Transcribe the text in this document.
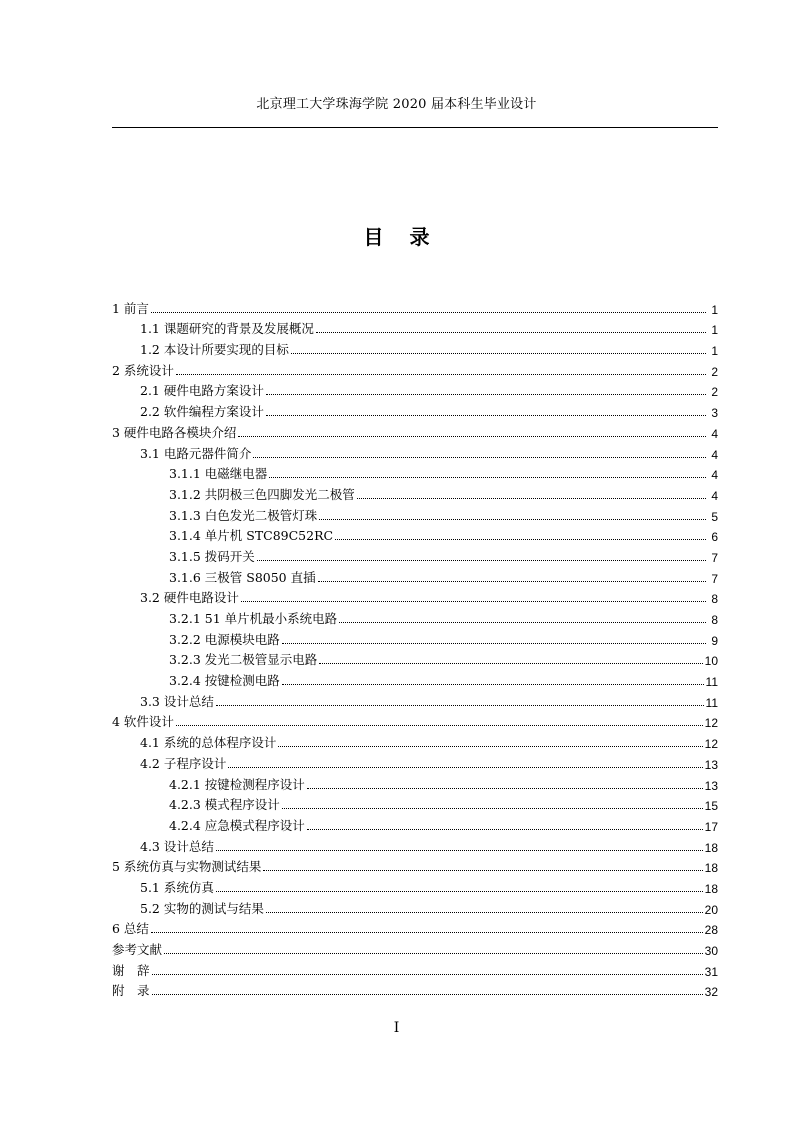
北京理工大学珠海学院 2020 届本科生毕业设计
目 录
1 前言	1
1.1 课题研究的背景及发展概况	1
1.2 本设计所要实现的目标	1
2 系统设计	2
2.1 硬件电路方案设计	2
2.2 软件编程方案设计	3
3 硬件电路各模块介绍	4
3.1 电路元器件简介	4
3.1.1 电磁继电器	4
3.1.2 共阴极三色四脚发光二极管	4
3.1.3 白色发光二极管灯珠	5
3.1.4 单片机 STC89C52RC	6
3.1.5 拨码开关	7
3.1.6 三极管 S8050 直插	7
3.2 硬件电路设计	8
3.2.1 51 单片机最小系统电路	8
3.2.2 电源模块电路	9
3.2.3 发光二极管显示电路	10
3.2.4 按键检测电路	11
3.3 设计总结	11
4 软件设计	12
4.1 系统的总体程序设计	12
4.2 子程序设计	13
4.2.1 按键检测程序设计	13
4.2.3 模式程序设计	15
4.2.4 应急模式程序设计	17
4.3 设计总结	18
5 系统仿真与实物测试结果	18
5.1 系统仿真	18
5.2 实物的测试与结果	20
6 总结	28
参考文献	30
谢　辞	31
附　录	32
I
